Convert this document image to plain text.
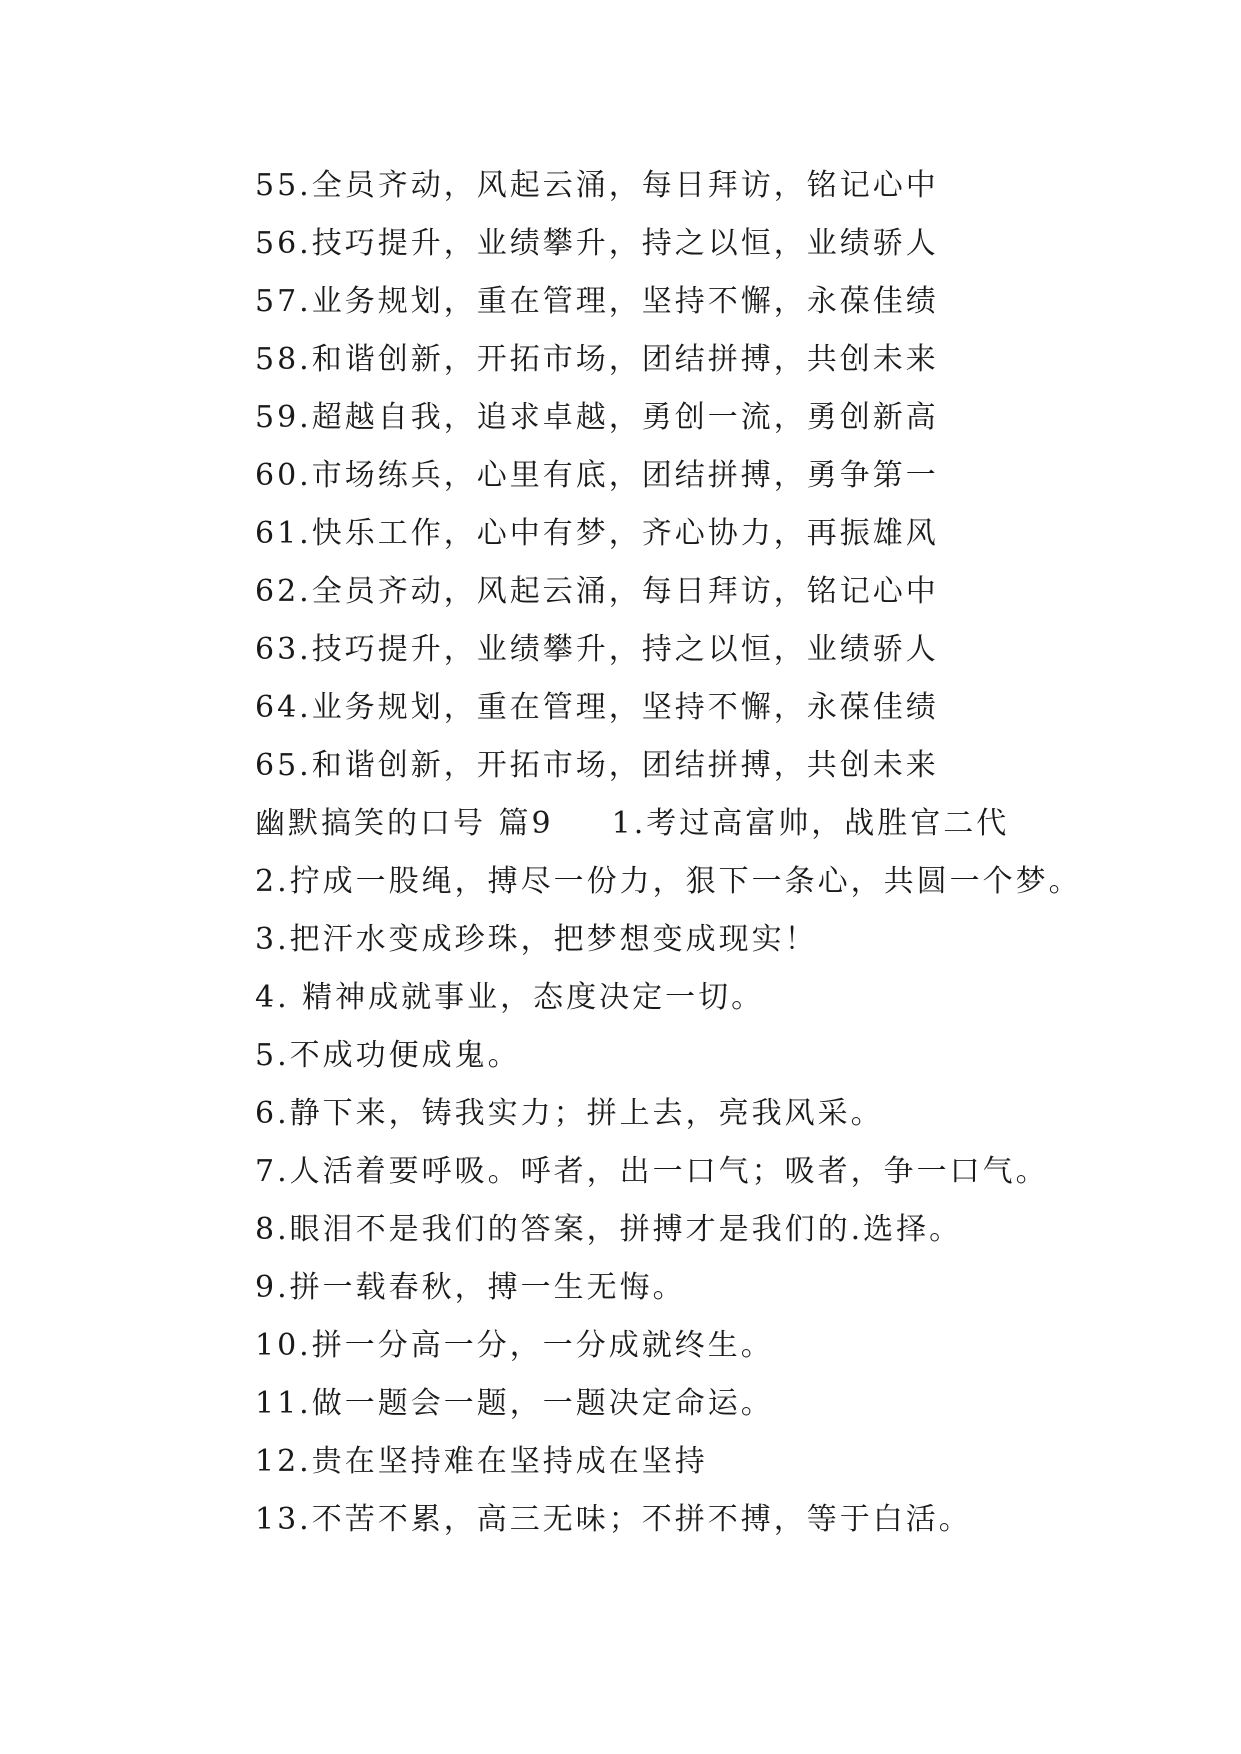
55.全员齐动，风起云涌，每日拜访，铭记心中
56.技巧提升，业绩攀升，持之以恒，业绩骄人
57.业务规划，重在管理，坚持不懈，永葆佳绩
58.和谐创新，开拓市场，团结拼搏，共创未来
59.超越自我，追求卓越，勇创一流，勇创新高
60.市场练兵，心里有底，团结拼搏，勇争第一
61.快乐工作，心中有梦，齐心协力，再振雄风
62.全员齐动，风起云涌，每日拜访，铭记心中
63.技巧提升，业绩攀升，持之以恒，业绩骄人
64.业务规划，重在管理，坚持不懈，永葆佳绩
65.和谐创新，开拓市场，团结拼搏，共创未来
幽默搞笑的口号 篇9 1.考过高富帅，战胜官二代
2.拧成一股绳，搏尽一份力，狠下一条心，共圆一个梦。
3.把汗水变成珍珠，把梦想变成现实！
4. 精神成就事业，态度决定一切。
5.不成功便成鬼。
6.静下来，铸我实力；拼上去，亮我风采。
7.人活着要呼吸。呼者，出一口气；吸者，争一口气。
8.眼泪不是我们的答案，拼搏才是我们的.选择。
9.拼一载春秋，搏一生无悔。
10.拼一分高一分，一分成就终生。
11.做一题会一题，一题决定命运。
12.贵在坚持难在坚持成在坚持
13.不苦不累，高三无味；不拼不搏，等于白活。
